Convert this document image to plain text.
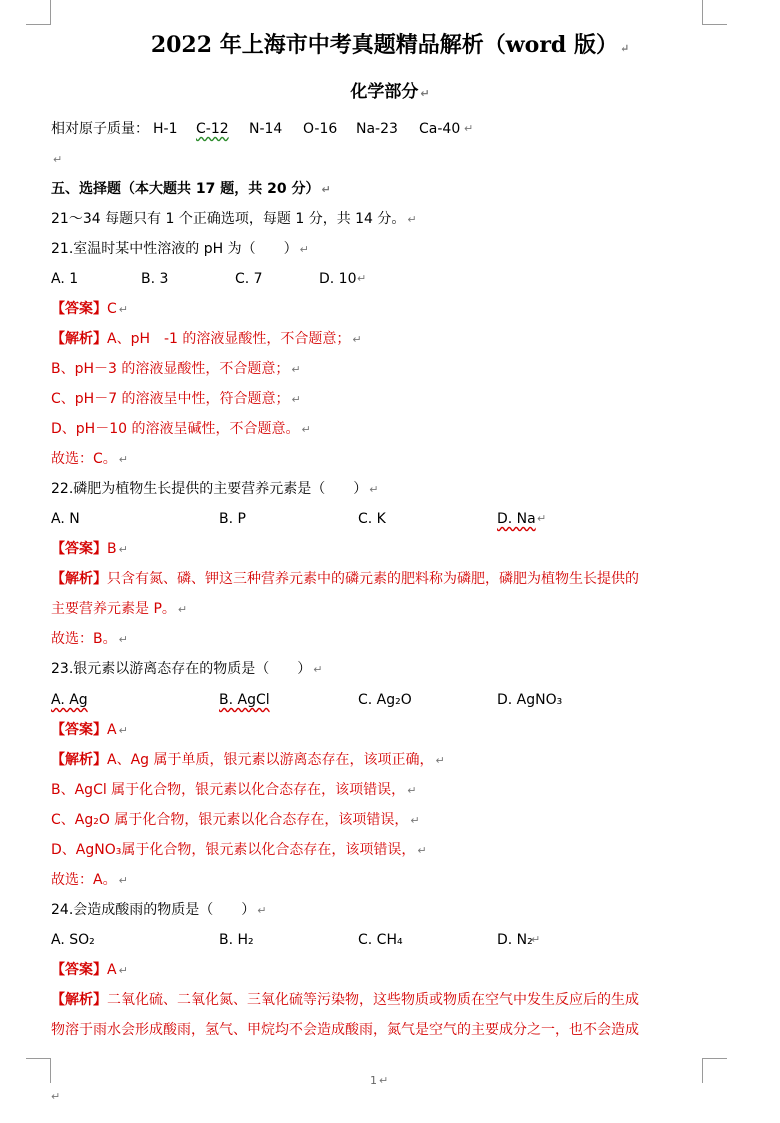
2022 年上海市中考真题精品解析（word 版） ↵
化学部分 ↵
相对原子质量： H-1 C-12 N-14 O-16 Na-23 Ca-40 ↵
↵
五、选择题（本大题共 17 题，共 20 分） ↵
21～34 每题只有 1 个正确选项，每题 1 分，共 14 分。 ↵
21.室温时某中性溶液的 pH 为（　　） ↵
A. 1	B. 3	C. 7	D. 10 ↵
【答案】C ↵
【解析】A、pH　-1 的溶液显酸性，不合题意； ↵
B、pH－3 的溶液显酸性，不合题意； ↵
C、pH－7 的溶液呈中性，符合题意； ↵
D、pH－10 的溶液呈碱性，不合题意。 ↵
故选：C。 ↵
22.磷肥为植物生长提供的主要营养元素是（　　） ↵
A. N	B. P	C. K	D. Na ↵
【答案】B ↵
【解析】只含有氮、磷、钾这三种营养元素中的磷元素的肥料称为磷肥，磷肥为植物生长提供的
主要营养元素是 P。 ↵
故选：B。 ↵
23.银元素以游离态存在的物质是（　　） ↵
A. Ag	B. AgCl	C. Ag₂O	D. AgNO₃
【答案】A ↵
【解析】A、Ag 属于单质，银元素以游离态存在，该项正确， ↵
B、AgCl 属于化合物，银元素以化合态存在，该项错误， ↵
C、Ag₂O 属于化合物，银元素以化合态存在，该项错误， ↵
D、AgNO₃属于化合物，银元素以化合态存在，该项错误， ↵
故选：A。 ↵
24.会造成酸雨的物质是（　　） ↵
A. SO₂	B. H₂	C. CH₄	D. N₂
↵
【答案】A ↵
【解析】二氧化硫、二氧化氮、三氧化硫等污染物，这些物质或物质在空气中发生反应后的生成
物溶于雨水会形成酸雨，氢气、甲烷均不会造成酸雨，氮气是空气的主要成分之一，也不会造成
1 ↵
↵
